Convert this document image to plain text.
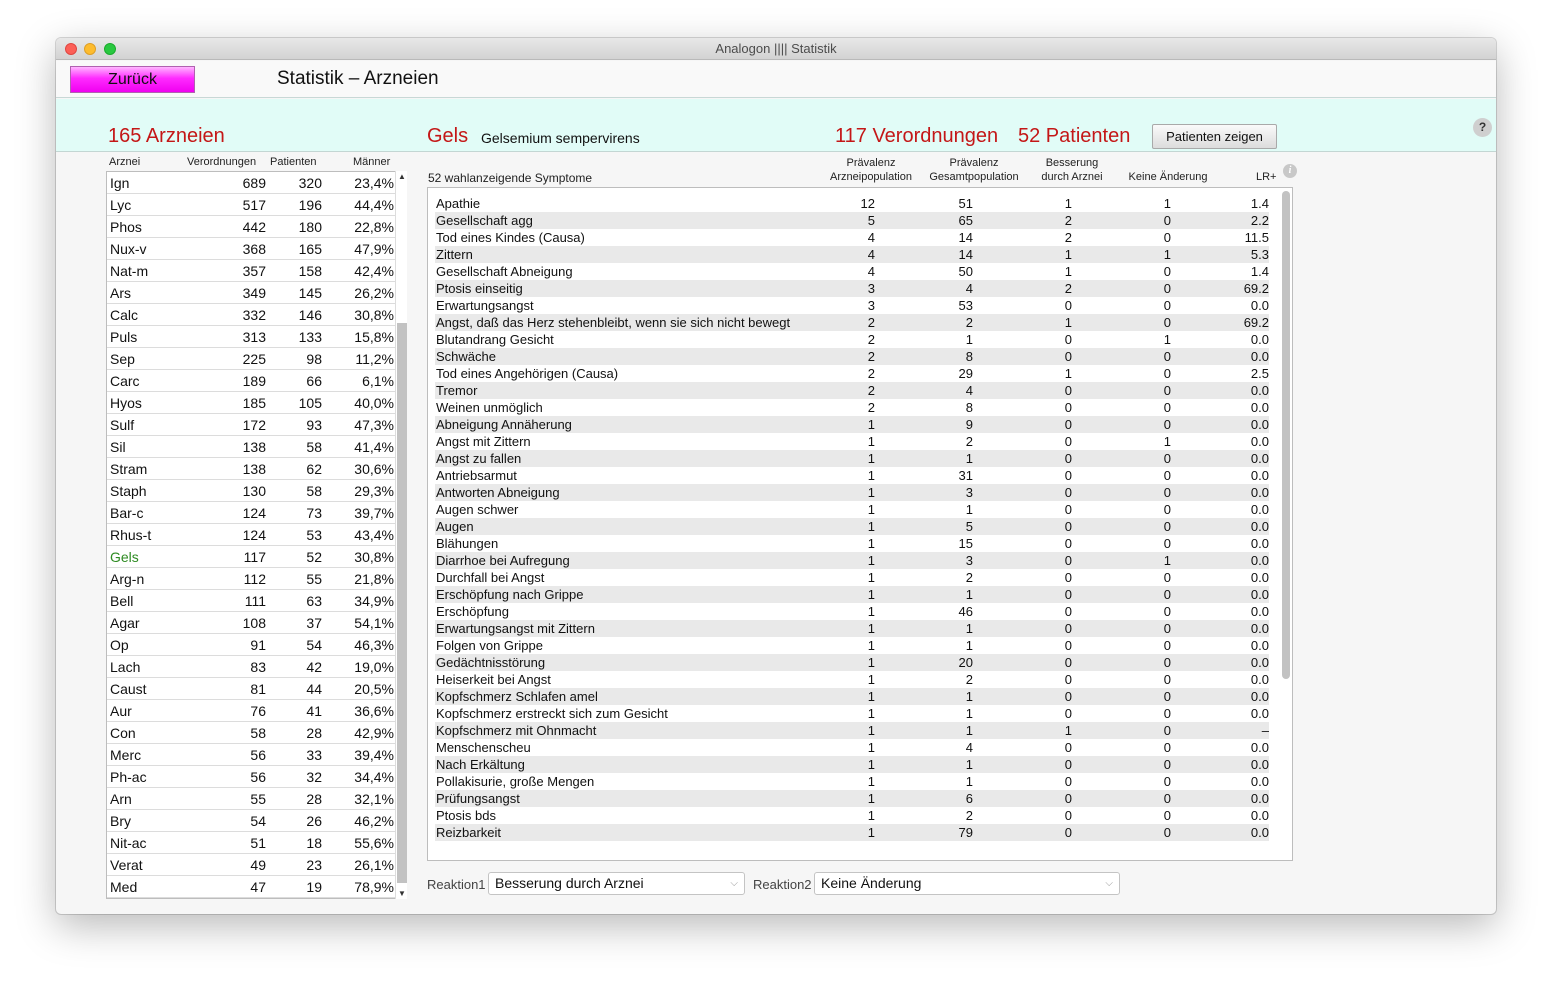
Analogon |||| Statistik
Zurück	Statistik – Arzneien
165 Arzneien	Gels Gelsemium sempervirens	117 Verordnungen 52 Patienten	Patienten zeigen
?
Arznei	Verordnungen Patienten	Männer
Ign	689 320 23,4%
Lyc	517 196 44,4%
Phos	442 180 22,8%
Nux-v	368 165 47,9%
Nat-m	357 158 42,4%
Ars	349 145 26,2%
Calc	332 146 30,8%
Puls	313 133 15,8%
Sep	225	98 11,2%
Carc	189	66	6,1%
Hyos	185 105 40,0%
Sulf	172	93 47,3%
Sil	138	58 41,4%
Stram	138	62 30,6%
Staph	130	58 29,3%
Bar-c	124	73 39,7%
Rhus-t	124	53 43,4%
Gels	117	52 30,8%
Arg-n	112	55 21,8%
Bell	111	63 34,9%
Agar	108	37 54,1%
Op	91	54 46,3%
Lach	83	42 19,0%
Caust	81	44 20,5%
Aur	76	41 36,6%
Con	58	28 42,9%
Merc	56	33 39,4%
Ph-ac	56	32 34,4%
Arn	55	28 32,1%
Bry	54	26 46,2%
Nit-ac	51	18 55,6%
Verat	49	23 26,1%
Med	47	19 78,9%
▲
▼
52 wahlanzeigende Symptome
Prävalenz
Arzneipopulation
Prävalenz
Gesamtpopulation
Besserung
durch Arznei	Keine Änderung	LR+
i
Apathie	12	51	1	1	1.4
Gesellschaft agg	5	65	2	0	2.2
Tod eines Kindes (Causa)	4	14	2	0	11.5
Zittern	4	14	1	1	5.3
Gesellschaft Abneigung	4	50	1	0	1.4
Ptosis einseitig	3	4	2	0	69.2
Erwartungsangst	3	53	0	0	0.0
Angst, daß das Herz stehenbleibt, wenn sie sich nicht bewegt	2	2	1	0	69.2
Blutandrang Gesicht	2	1	0	1	0.0
Schwäche	2	8	0	0	0.0
Tod eines Angehörigen (Causa)	2	29	1	0	2.5
Tremor	2	4	0	0	0.0
Weinen unmöglich	2	8	0	0	0.0
Abneigung Annäherung	1	9	0	0	0.0
Angst mit Zittern	1	2	0	1	0.0
Angst zu fallen	1	1	0	0	0.0
Antriebsarmut	1	31	0	0	0.0
Antworten Abneigung	1	3	0	0	0.0
Augen schwer	1	1	0	0	0.0
Augen	1	5	0	0	0.0
Blähungen	1	15	0	0	0.0
Diarrhoe bei Aufregung	1	3	0	1	0.0
Durchfall bei Angst	1	2	0	0	0.0
Erschöpfung nach Grippe	1	1	0	0	0.0
Erschöpfung	1	46	0	0	0.0
Erwartungsangst mit Zittern	1	1	0	0	0.0
Folgen von Grippe	1	1	0	0	0.0
Gedächtnisstörung	1	20	0	0	0.0
Heiserkeit bei Angst	1	2	0	0	0.0
Kopfschmerz Schlafen amel	1	1	0	0	0.0
Kopfschmerz erstreckt sich zum Gesicht	1	1	0	0	0.0
Kopfschmerz mit Ohnmacht	1	1	1	0	–
Menschenscheu	1	4	0	0	0.0
Nach Erkältung	1	1	0	0	0.0
Pollakisurie, große Mengen	1	1	0	0	0.0
Prüfungsangst	1	6	0	0	0.0
Ptosis bds	1	2	0	0	0.0
Reizbarkeit	1	79	0	0	0.0
Reaktion1 Besserung durch Arznei	⌵ Reaktion2 Keine Änderung	⌵
